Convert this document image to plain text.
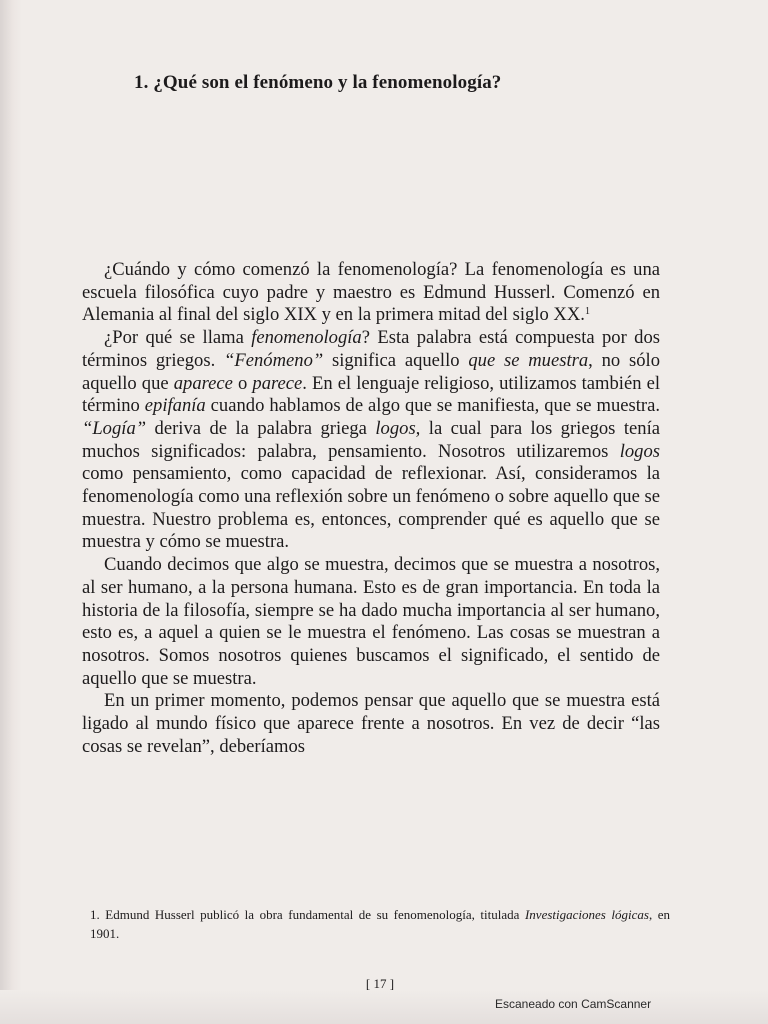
1. ¿Qué son el fenómeno y la fenomenología?

¿Cuándo y cómo comenzó la fenomenología? La fenomenología es una escuela filosófica cuyo padre y maestro es Edmund Husserl. Comenzó en Alemania al final del siglo XIX y en la primera mitad del siglo XX.$^1$

¿Por qué se llama fenomenología? Esta palabra está compuesta por dos términos griegos. “Fenómeno” significa aquello que se muestra, no sólo aquello que aparece o parece. En el lenguaje religioso, utilizamos también el término epifanía cuando hablamos de algo que se manifiesta, que se muestra. “Logía” deriva de la palabra griega logos, la cual para los griegos tenía muchos significados: palabra, pensamiento. Nosotros utilizaremos logos como pensamiento, como capacidad de reflexionar. Así, consideramos la fenomenología como una reflexión sobre un fenómeno o sobre aquello que se muestra. Nuestro problema es, entonces, comprender qué es aquello que se muestra y cómo se muestra.

Cuando decimos que algo se muestra, decimos que se muestra a nosotros, al ser humano, a la persona humana. Esto es de gran importancia. En toda la historia de la filosofía, siempre se ha dado mucha importancia al ser humano, esto es, a aquel a quien se le muestra el fenómeno. Las cosas se muestran a nosotros. Somos nosotros quienes buscamos el significado, el sentido de aquello que se muestra.

En un primer momento, podemos pensar que aquello que se muestra está ligado al mundo físico que aparece frente a nosotros. En vez de decir “las cosas se revelan”, deberíamos

1. Edmund Husserl publicó la obra fundamental de su fenomenología, titulada Investigaciones lógicas, en 1901.

[ 17 ]
Escaneado con CamScanner
